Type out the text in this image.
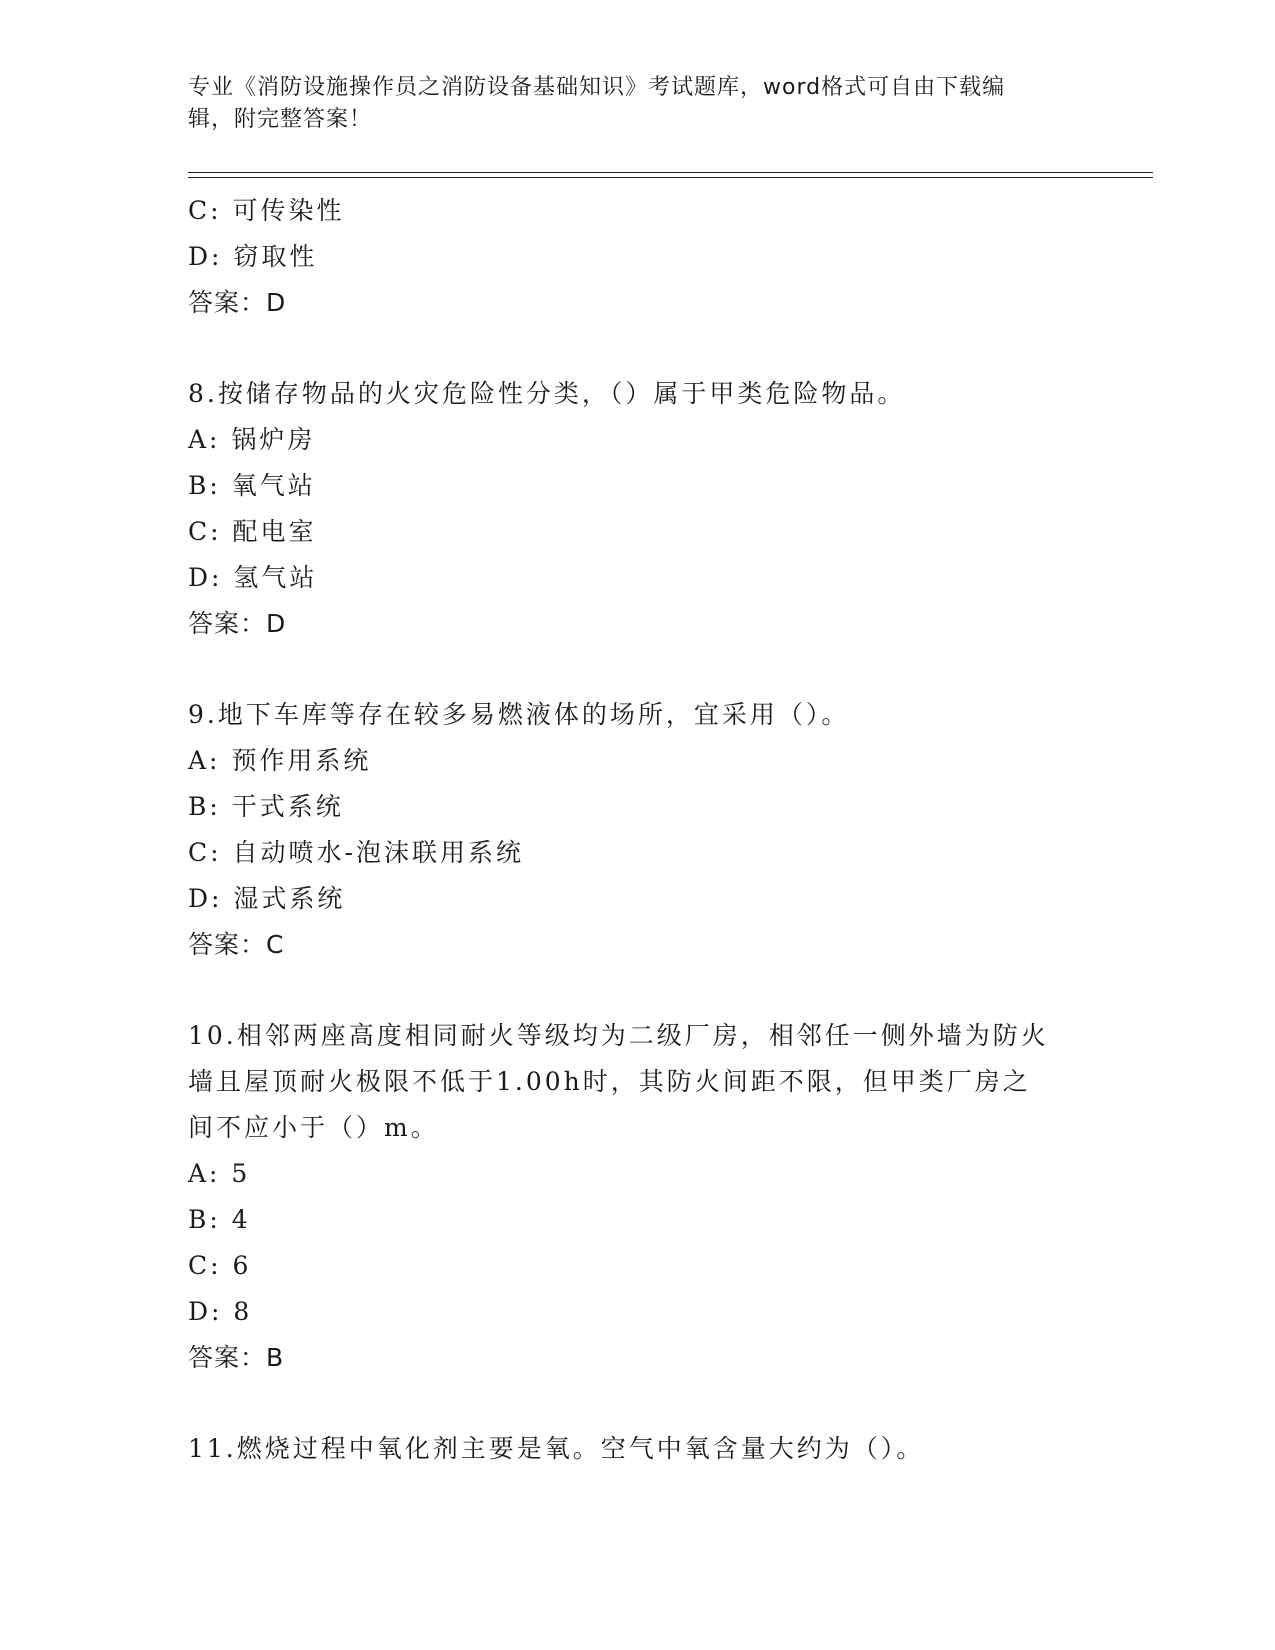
专业《消防设施操作员之消防设备基础知识》考试题库，word格式可自由下载编
辑，附完整答案！
C: 可传染性
D: 窃取性
答案：D
8.按储存物品的火灾危险性分类，（）属于甲类危险物品。
A: 锅炉房
B: 氧气站
C: 配电室
D: 氢气站
答案：D
9.地下车库等存在较多易燃液体的场所，宜采用（）。
A: 预作用系统
B: 干式系统
C: 自动喷水-泡沫联用系统
D: 湿式系统
答案：C
10.相邻两座高度相同耐火等级均为二级厂房，相邻任一侧外墙为防火
墙且屋顶耐火极限不低于1.00h时，其防火间距不限，但甲类厂房之
间不应小于（）m。
A: 5
B: 4
C: 6
D: 8
答案：B
11.燃烧过程中氧化剂主要是氧。空气中氧含量大约为（）。
